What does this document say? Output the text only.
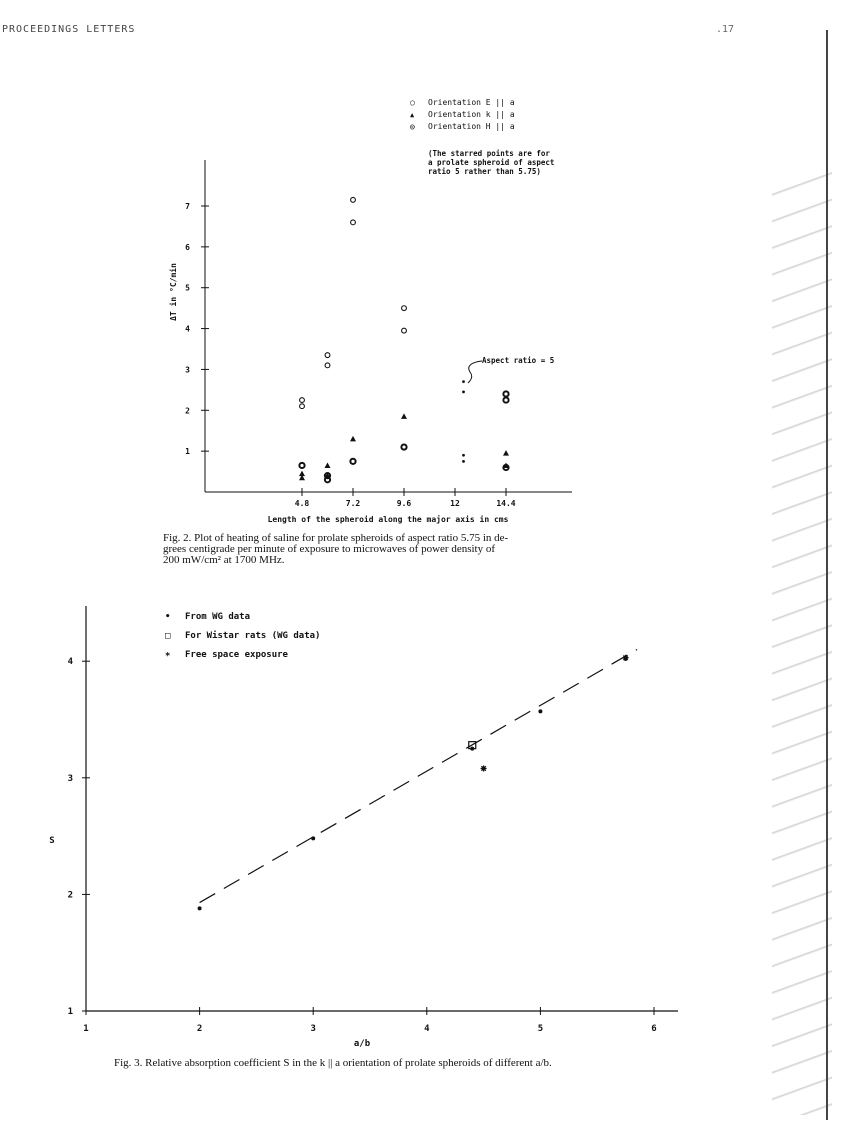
PROCEEDINGS LETTERS	.17
4.8	7.2	9.6	12	14.4
1
2
3
4
5
6
7
Length of the spheroid along the major axis in cms
ΔT in °C/min
1	2	3	4	5	6
1
2
3
4
a/b
S
○ Orientation E || a
▲ Orientation k || a
◎ Orientation H || a
(The starred points are for
a prolate spheroid of aspect
ratio 5 rather than 5.75)
Aspect ratio = 5
Fig. 2. Plot of heating of saline for prolate spheroids of aspect ratio 5.75 in de-
grees centigrade per minute of exposure to microwaves of power density of
200 mW/cm² at 1700 MHz.
• From WG data
□ For Wistar rats (WG data)
∗ Free space exposure
Fig. 3. Relative absorption coefficient S in the k || a orientation of prolate spheroids of different a/b.
